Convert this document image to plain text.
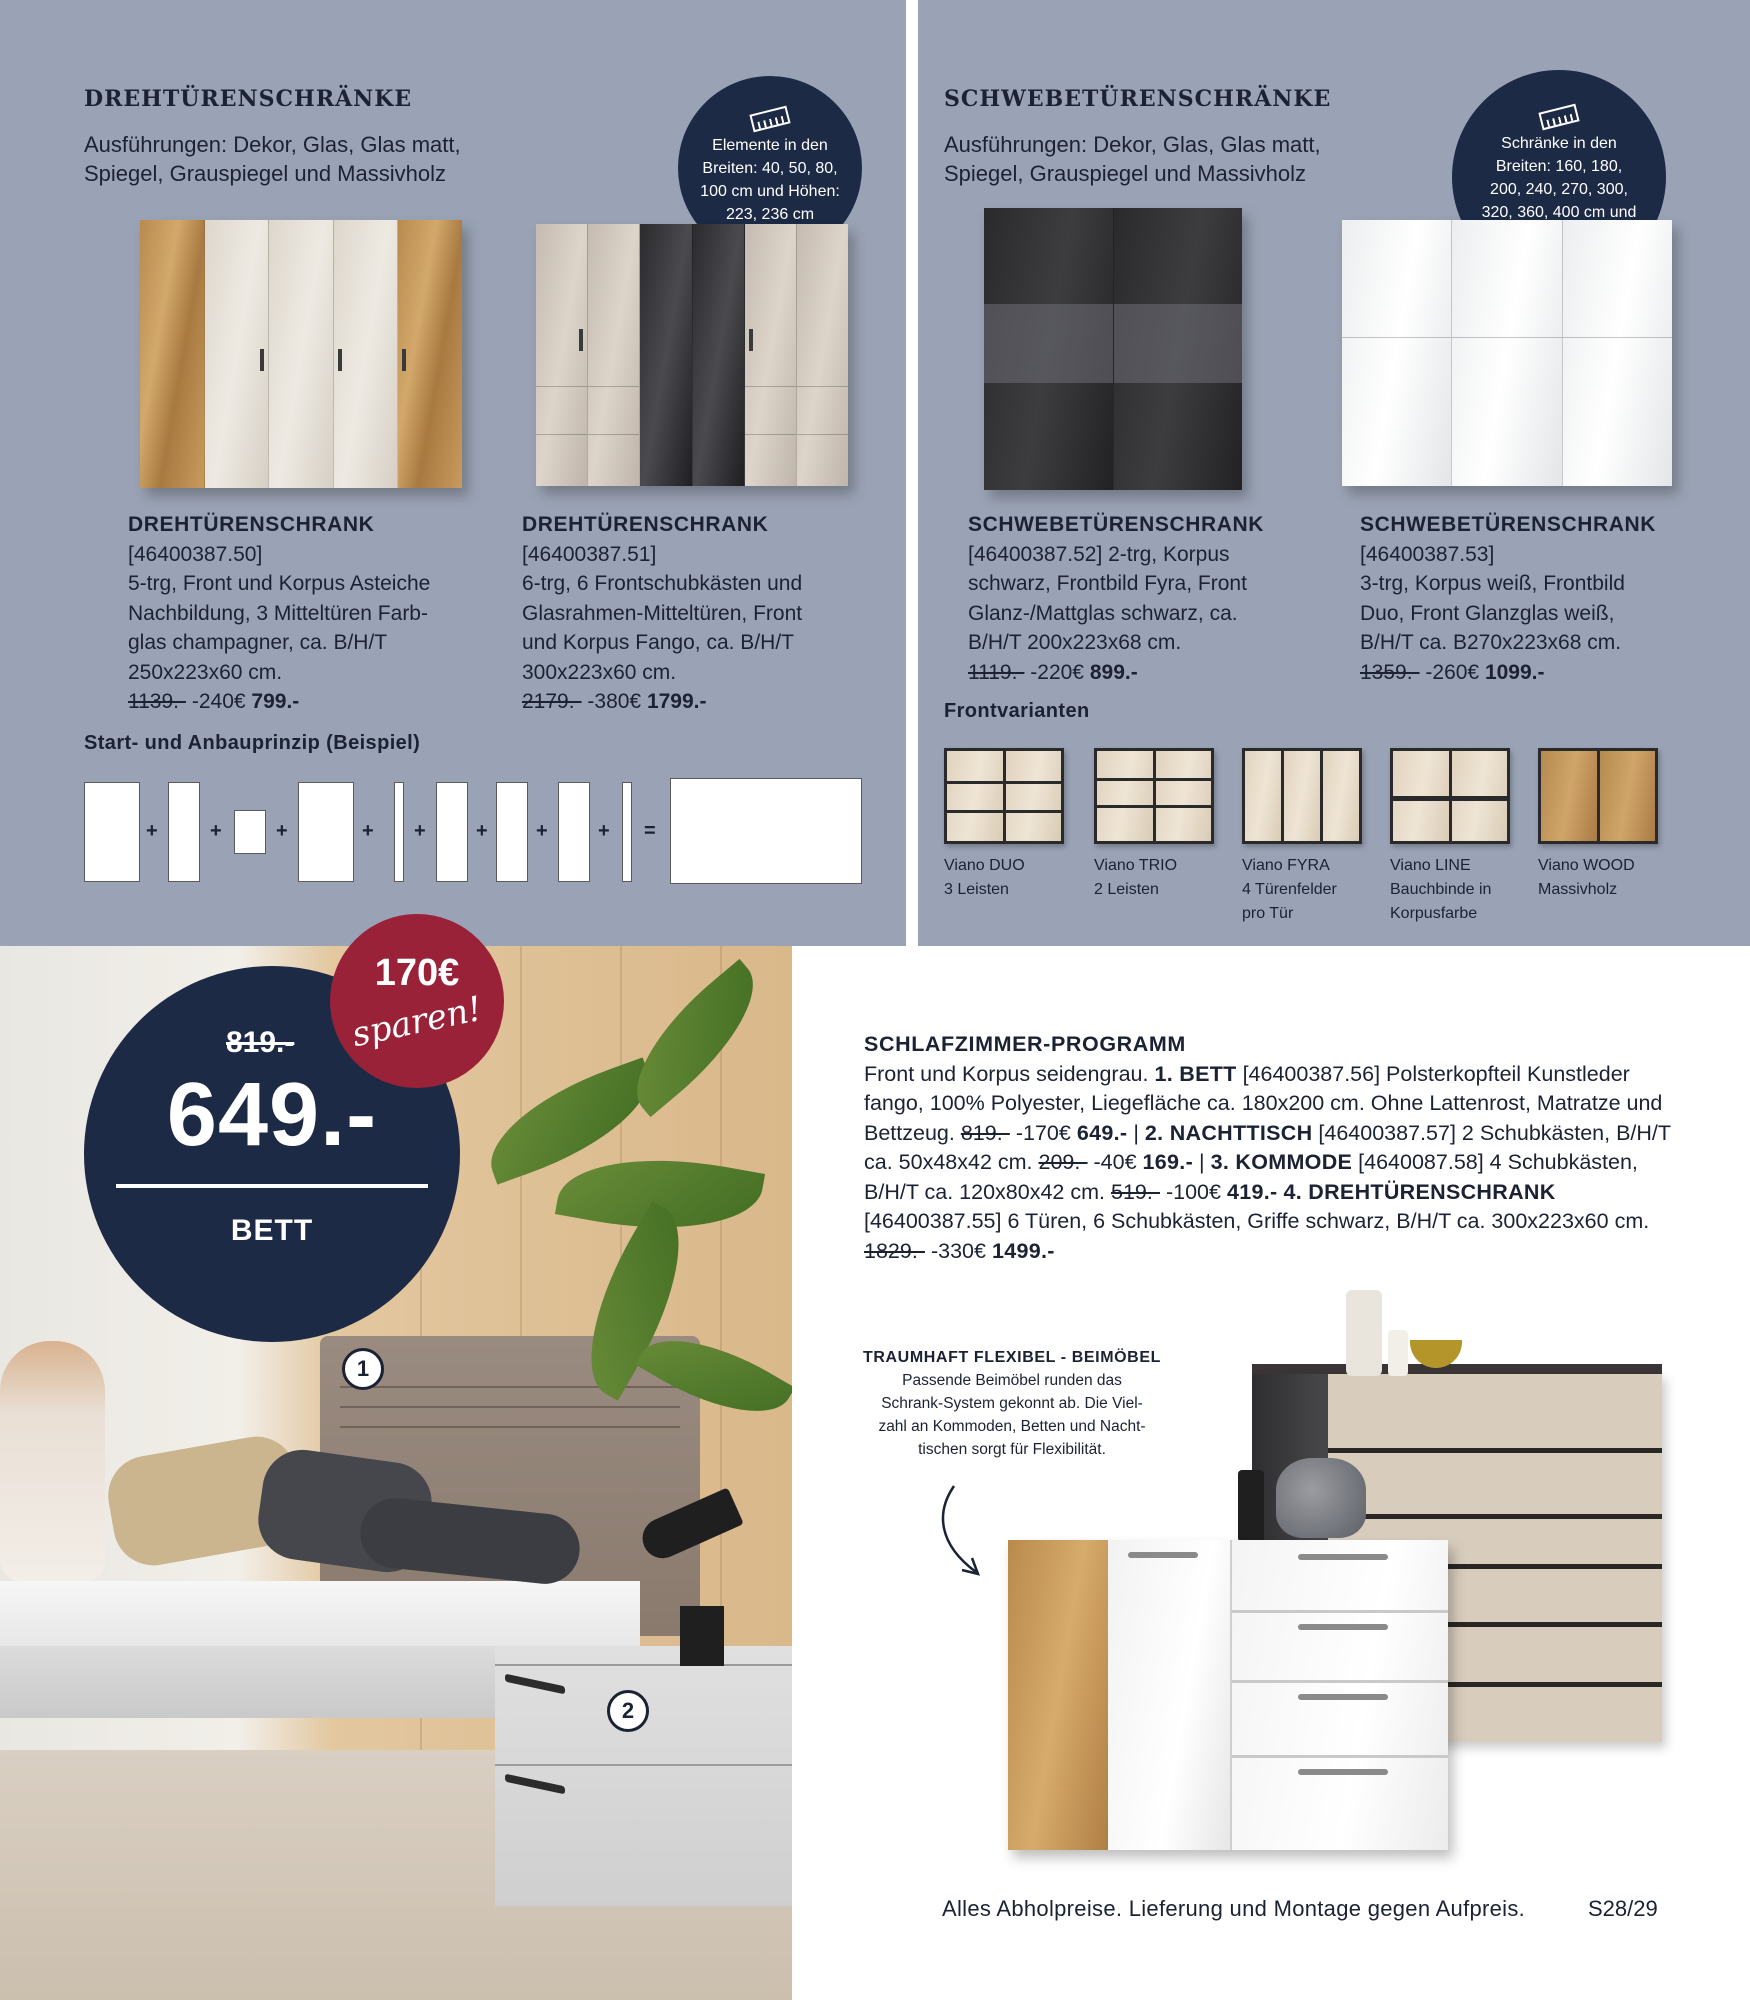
DREHTÜRENSCHRÄNKE
Ausführungen: Dekor, Glas, Glas matt,
Spiegel, Grauspiegel und Massivholz
Elemente in den
Breiten: 40, 50, 80,
100 cm und Höhen:
223, 236 cm
DREHTÜRENSCHRANK
[46400387.50]
5-trg, Front und Korpus Asteiche
Nachbildung, 3 Mitteltüren Farb-
glas champagner, ca. B/H/T
250x223x60 cm.
1139.- -240€ 799.-
DREHTÜRENSCHRANK
[46400387.51]
6-trg, 6 Frontschubkästen und
Glasrahmen-Mitteltüren, Front
und Korpus Fango, ca. B/H/T
300x223x60 cm.
2179.- -380€ 1799.-
Start- und Anbauprinzip (Beispiel)
+	+	+	+ +	+ +	+ =
SCHWEBETÜRENSCHRÄNKE
Ausführungen: Dekor, Glas, Glas matt,
Spiegel, Grauspiegel und Massivholz
Schränke in den
Breiten: 160, 180,
200, 240, 270, 300,
320, 360, 400 cm und
SCHWEBETÜRENSCHRANK
[46400387.52] 2-trg, Korpus
schwarz, Frontbild Fyra, Front
Glanz-/Mattglas schwarz, ca.
B/H/T 200x223x68 cm.
1119.- -220€ 899.-
SCHWEBETÜRENSCHRANK
[46400387.53]
3-trg, Korpus weiß, Frontbild
Duo, Front Glanzglas weiß,
B/H/T ca. B270x223x68 cm.
1359.- -260€ 1099.-
Frontvarianten
Viano DUO
3 Leisten
Viano TRIO
2 Leisten
Viano FYRA
4 Türenfelder
pro Tür
Viano LINE
Bauchbinde in
Korpusfarbe
Viano WOOD
Massivholz
1
2
819.-
649.-
BETT
170€
sparen!	SCHLAFZIMMER-PROGRAMM
Front und Korpus seidengrau. 1. BETT [46400387.56] Polsterkopfteil Kunstleder fango, 100% Polyester, Liegefläche ca. 180x200 cm. Ohne Lattenrost, Matratze und Bettzeug. 819.- -170€ 649.- | 2. NACHTTISCH [46400387.57] 2 Schubkästen, B/H/T ca. 50x48x42 cm. 209.- -40€ 169.- | 3. KOMMODE [4640087.58] 4 Schubkästen, B/H/T ca. 120x80x42 cm. 519.- -100€ 419.- 4. DREHTÜRENSCHRANK [46400387.55] 6 Türen, 6 Schubkästen, Griffe schwarz, B/H/T ca. 300x223x60 cm. 1829.- -330€ 1499.-
TRAUMHAFT FLEXIBEL - BEIMÖBEL
Passende Beimöbel runden das
Schrank-System gekonnt ab. Die Viel-
zahl an Kommoden, Betten und Nacht-
tischen sorgt für Flexibilität.
Alles Abholpreise. Lieferung und Montage gegen Aufpreis.	S28/29
